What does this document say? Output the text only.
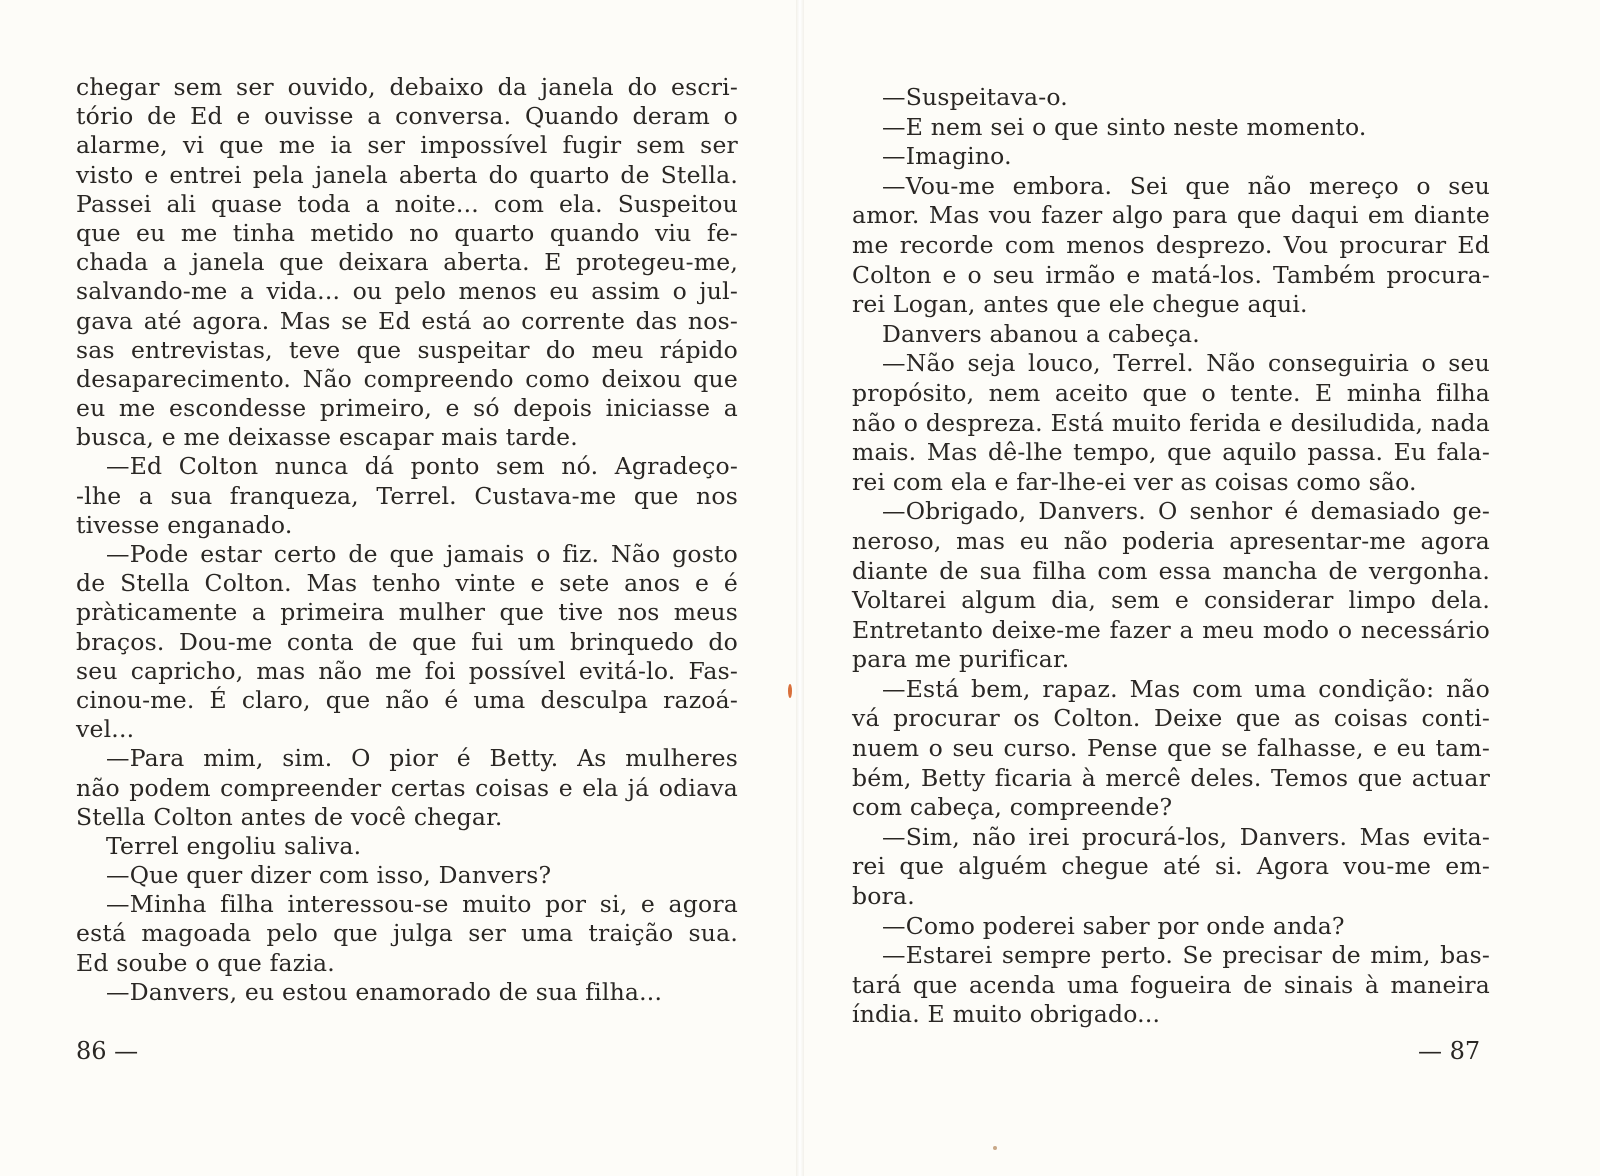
chegar sem ser ouvido, debaixo da janela do escri-
tório de Ed e ouvisse a conversa. Quando deram o
alarme, vi que me ia ser impossível fugir sem ser
visto e entrei pela janela aberta do quarto de Stella.
Passei ali quase toda a noite... com ela. Suspeitou
que eu me tinha metido no quarto quando viu fe-
chada a janela que deixara aberta. E protegeu-me,
salvando-me a vida... ou pelo menos eu assim o jul-
gava até agora. Mas se Ed está ao corrente das nos-
sas entrevistas, teve que suspeitar do meu rápido
desaparecimento. Não compreendo como deixou que
eu me escondesse primeiro, e só depois iniciasse a
busca, e me deixasse escapar mais tarde.
—Ed Colton nunca dá ponto sem nó. Agradeço-
-lhe a sua franqueza, Terrel. Custava-me que nos
tivesse enganado.
—Pode estar certo de que jamais o fiz. Não gosto
de Stella Colton. Mas tenho vinte e sete anos e é
pràticamente a primeira mulher que tive nos meus
braços. Dou-me conta de que fui um brinquedo do
seu capricho, mas não me foi possível evitá-lo. Fas-
cinou-me. É claro, que não é uma desculpa razoá-
vel...
—Para mim, sim. O pior é Betty. As mulheres
não podem compreender certas coisas e ela já odiava
Stella Colton antes de você chegar.
Terrel engoliu saliva.
—Que quer dizer com isso, Danvers?
—Minha filha interessou-se muito por si, e agora
está magoada pelo que julga ser uma traição sua.
Ed soube o que fazia.
—Danvers, eu estou enamorado de sua filha...
—Suspeitava-o.
—E nem sei o que sinto neste momento.
—Imagino.
—Vou-me embora. Sei que não mereço o seu
amor. Mas vou fazer algo para que daqui em diante
me recorde com menos desprezo. Vou procurar Ed
Colton e o seu irmão e matá-los. Também procura-
rei Logan, antes que ele chegue aqui.
Danvers abanou a cabeça.
—Não seja louco, Terrel. Não conseguiria o seu
propósito, nem aceito que o tente. E minha filha
não o despreza. Está muito ferida e desiludida, nada
mais. Mas dê-lhe tempo, que aquilo passa. Eu fala-
rei com ela e far-lhe-ei ver as coisas como são.
—Obrigado, Danvers. O senhor é demasiado ge-
neroso, mas eu não poderia apresentar-me agora
diante de sua filha com essa mancha de vergonha.
Voltarei algum dia, sem e considerar limpo dela.
Entretanto deixe-me fazer a meu modo o necessário
para me purificar.
—Está bem, rapaz. Mas com uma condição: não
vá procurar os Colton. Deixe que as coisas conti-
nuem o seu curso. Pense que se falhasse, e eu tam-
bém, Betty ficaria à mercê deles. Temos que actuar
com cabeça, compreende?
—Sim, não irei procurá-los, Danvers. Mas evita-
rei que alguém chegue até si. Agora vou-me em-
bora.
—Como poderei saber por onde anda?
—Estarei sempre perto. Se precisar de mim, bas-
tará que acenda uma fogueira de sinais à maneira
índia. E muito obrigado...
86 —	— 87
